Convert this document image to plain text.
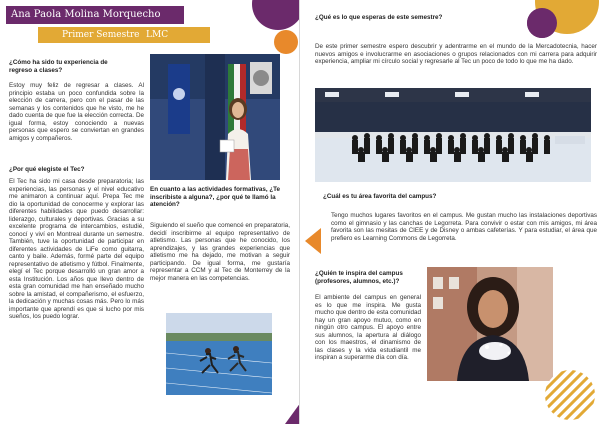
Ana Paola Molina Morquecho
Primer Semestre LMC
¿Cómo ha sido tu experiencia de regreso a clases?
Estoy muy feliz de regresar a clases. Al principio estaba un poco confundida sobre la elección de carrera, pero con el pasar de las semanas y los contenidos que he visto, me he dado cuenta de que fue la elección correcta. De igual forma, estoy conociendo a nuevas personas que espero se conviertan en grandes amigos y compañeros.
¿Por qué elegiste el Tec?
El Tec ha sido mi casa desde preparatoria; las experiencias, las personas y el nivel educativo me animaron a continuar aquí. Prepa Tec me dio la oportunidad de conocerme y explorar las diferentes habilidades que puedo desarrollar: liderazgo, culturales y deportivas. Gracias a su excelente programa de intercambios, estudié, conocí y viví en Montreal durante un semestre. También, tuve la oportunidad de participar en diferentes actividades de LiFe como guitarra, canto y baile. Además, formé parte del equipo representativo de atletismo y fútbol. Finalmente, elegí el Tec porque desarrolló un gran amor a esta Institución. Los años que llevo dentro de esta gran comunidad me han enseñado mucho sobre la amistad, el compañerismo, el esfuerzo, la dedicación y muchas cosas más. Pero lo más importante que aprendí es que si lucho por mis sueños, los puedo lograr.
En cuanto a las actividades formativas, ¿Te inscribiste a alguna?, ¿por qué te llamó la atención?
Siguiendo el sueño que comencé en preparatoria, decidí inscribirme al equipo representativo de atletismo. Las personas que he conocido, los aprendizajes, y las grandes experiencias que atletismo me ha dejado, me motivan a seguir participando. De igual forma, me gustaría representar a CCM y al Tec de Monterrey de la mejor manera en las competencias.
¿Qué es lo que esperas de este semestre?
De este primer semestre espero descubrir y adentrarme en el mundo de la Mercadotecnia, hacer nuevos amigos e involucrarme en asociaciones o grupos relacionados con mi carrera para adquirir experiencia, ampliar mi círculo social y regresarle al Tec un poco de todo lo que me ha dado.
¿Cuál es tu área favorita del campus?
Tengo muchos lugares favoritos en el campus. Me gustan mucho las instalaciones deportivas como el gimnasio y las canchas de Legorreta. Para convivir o estar con mis amigos, mi área favorita son las mesitas de CIEE y de Disney o ambas cafeterías. Y para estudiar, el área que prefiero es Learning Commons de Legorreta.
¿Quién te inspira del campus (profesores, alumnos, etc.)?
El ambiente del campus en general es lo que me inspira. Me gusta mucho que dentro de esta comunidad hay un gran apoyo mutuo, como en ningún otro campus. El apoyo entre sus alumnos, la apertura al diálogo con los maestros, el dinamismo de las clases y la vida estudiantil me inspiran a superarme día con día.
